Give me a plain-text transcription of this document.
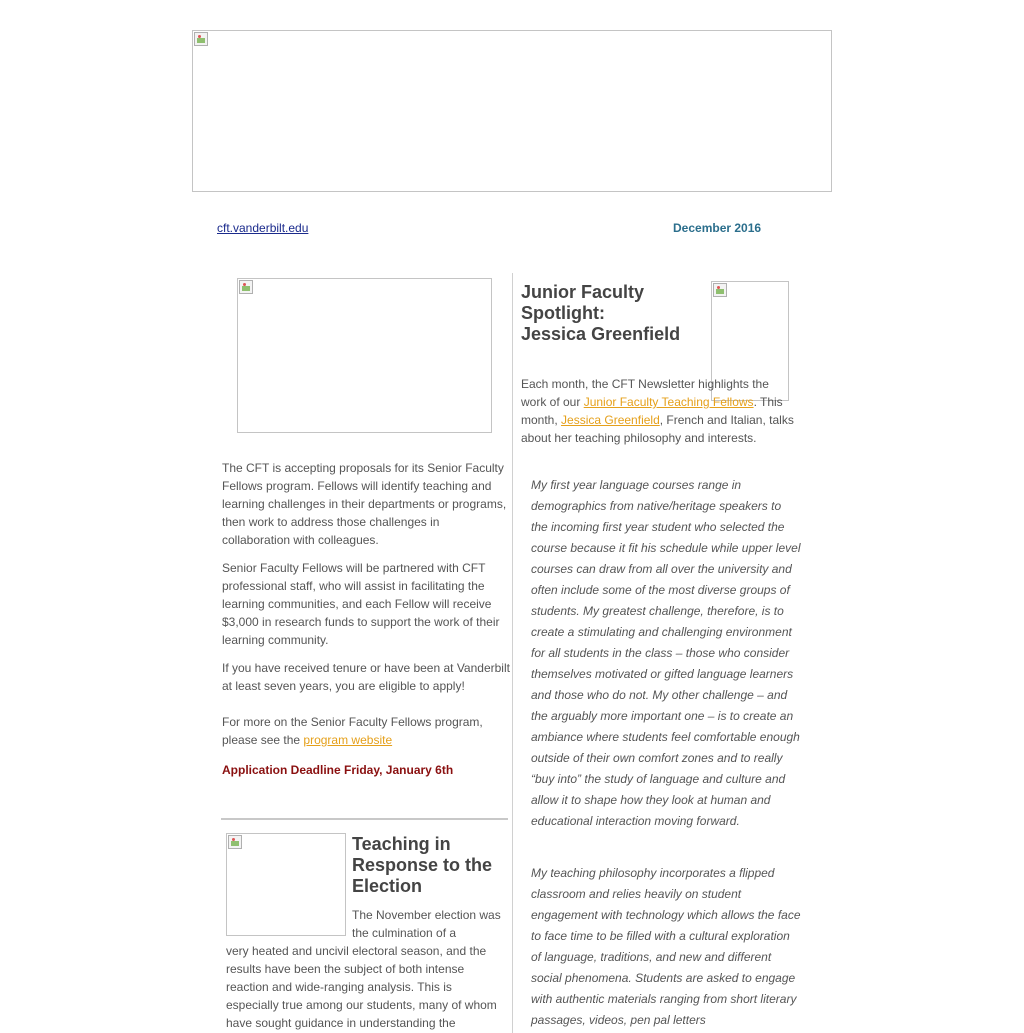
cft.vanderbilt.edu	December 2016

The CFT is accepting proposals for its Senior Faculty Fellows program. Fellows will identify teaching and learning challenges in their departments or programs, then work to address those challenges in collaboration with colleagues.

Senior Faculty Fellows will be partnered with CFT professional staff, who will assist in facilitating the learning communities, and each Fellow will receive $3,000 in research funds to support the work of their learning community.

If you have received tenure or have been at Vanderbilt at least seven years, you are eligible to apply!

For more on the Senior Faculty Fellows program, please see the program website

Application Deadline Friday, January 6th
Teaching in Response to the Election
The November election was the culmination of a
very heated and uncivil electoral season, and the results have been the subject of both intense reaction and wide-ranging analysis. This is especially true among our students, many of whom have sought guidance in understanding the
Junior Faculty
Spotlight:
Jessica Greenfield
Each month, the CFT Newsletter highlights the work of our Junior Faculty Teaching Fellows. This month, Jessica Greenfield, French and Italian, talks about her teaching philosophy and interests.
My first year language courses range in demographics from native/heritage speakers to the incoming first year student who selected the course because it fit his schedule while upper level courses can draw from all over the university and often include some of the most diverse groups of students. My greatest challenge, therefore, is to create a stimulating and challenging environment for all students in the class – those who consider themselves motivated or gifted language learners and those who do not. My other challenge – and the arguably more important one – is to create an ambiance where students feel comfortable enough outside of their own comfort zones and to really “buy into” the study of language and culture and allow it to shape how they look at human and educational interaction moving forward.
My teaching philosophy incorporates a flipped classroom and relies heavily on student engagement with technology which allows the face to face time to be filled with a cultural exploration of language, traditions, and new and different social phenomena. Students are asked to engage with authentic materials ranging from short literary passages, videos, pen pal letters
